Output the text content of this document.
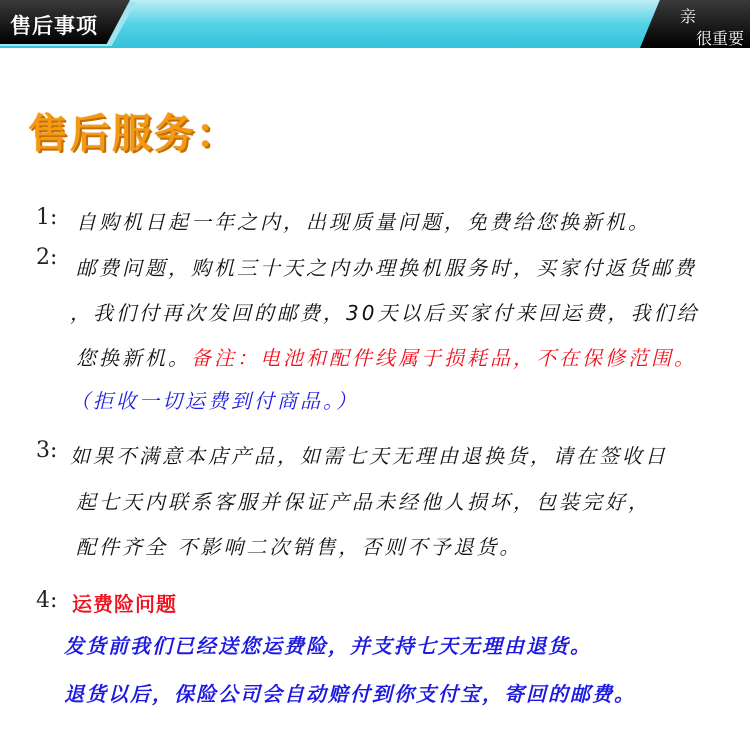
售后事项	亲
很重要
售后服务：
1: 自购机日起一年之内，出现质量问题，免费给您换新机。
2: 邮费问题，购机三十天之内办理换机服务时，买家付返货邮费
，我们付再次发回的邮费，30天以后买家付来回运费，我们给
您换新机。备注：电池和配件线属于损耗品，不在保修范围。
（拒收一切运费到付商品。）
3: 如果不满意本店产品，如需七天无理由退换货，请在签收日
起七天内联系客服并保证产品未经他人损坏，包装完好，
配件齐全 不影响二次销售，否则不予退货。
4: 运费险问题
发货前我们已经送您运费险，并支持七天无理由退货。
退货以后，保险公司会自动赔付到你支付宝，寄回的邮费。
